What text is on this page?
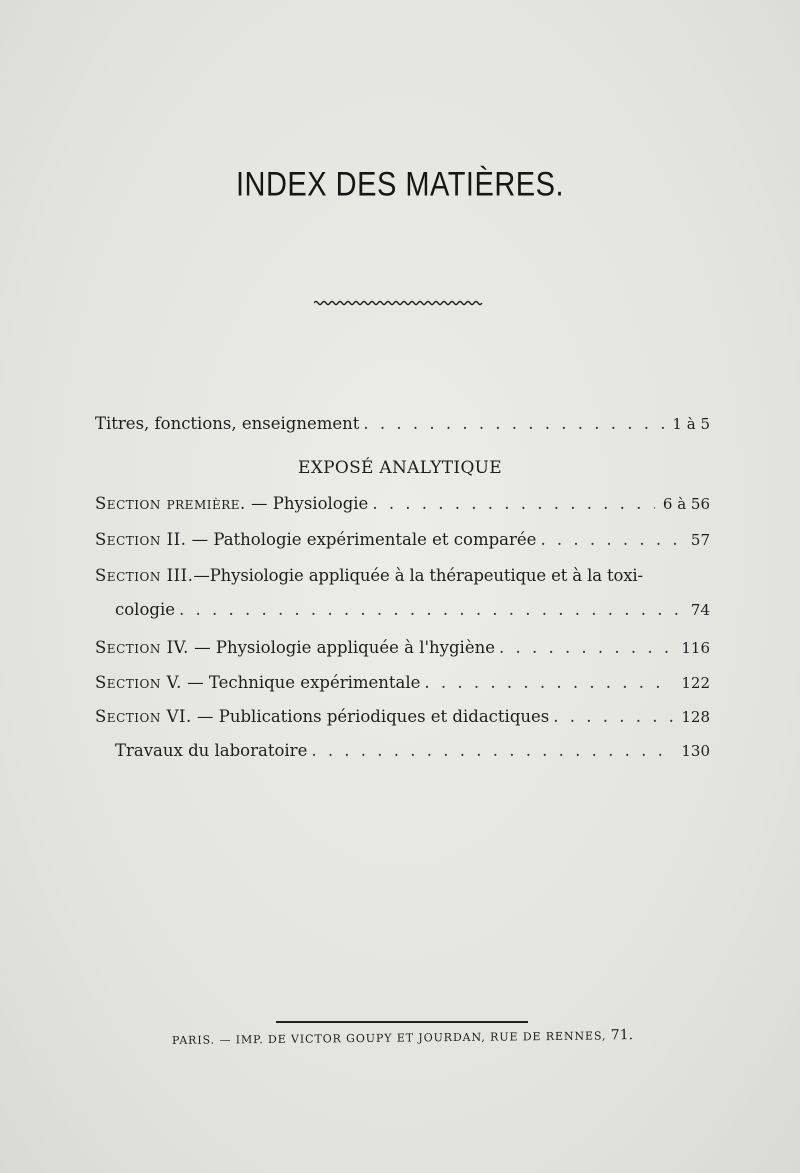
INDEX DES MATIÈRES.
Titres, fonctions, enseignement . . .	1 à 5
EXPOSÉ ANALYTIQUE
Section première. — Physiologie . . .	6 à 56
Section II. — Pathologie expérimentale et comparée . . .	57
Section III.—Physiologie appliquée à la thérapeutique et à la toxi-
cologie . . .	74
Section IV. — Physiologie appliquée à l'hygiène . . .	116
Section V. — Technique expérimentale . . .	122
Section VI. — Publications périodiques et didactiques . . .	128
Travaux du laboratoire . . .	130
PARIS. — IMP. DE VICTOR GOUPY ET JOURDAN, RUE DE RENNES, 71.
